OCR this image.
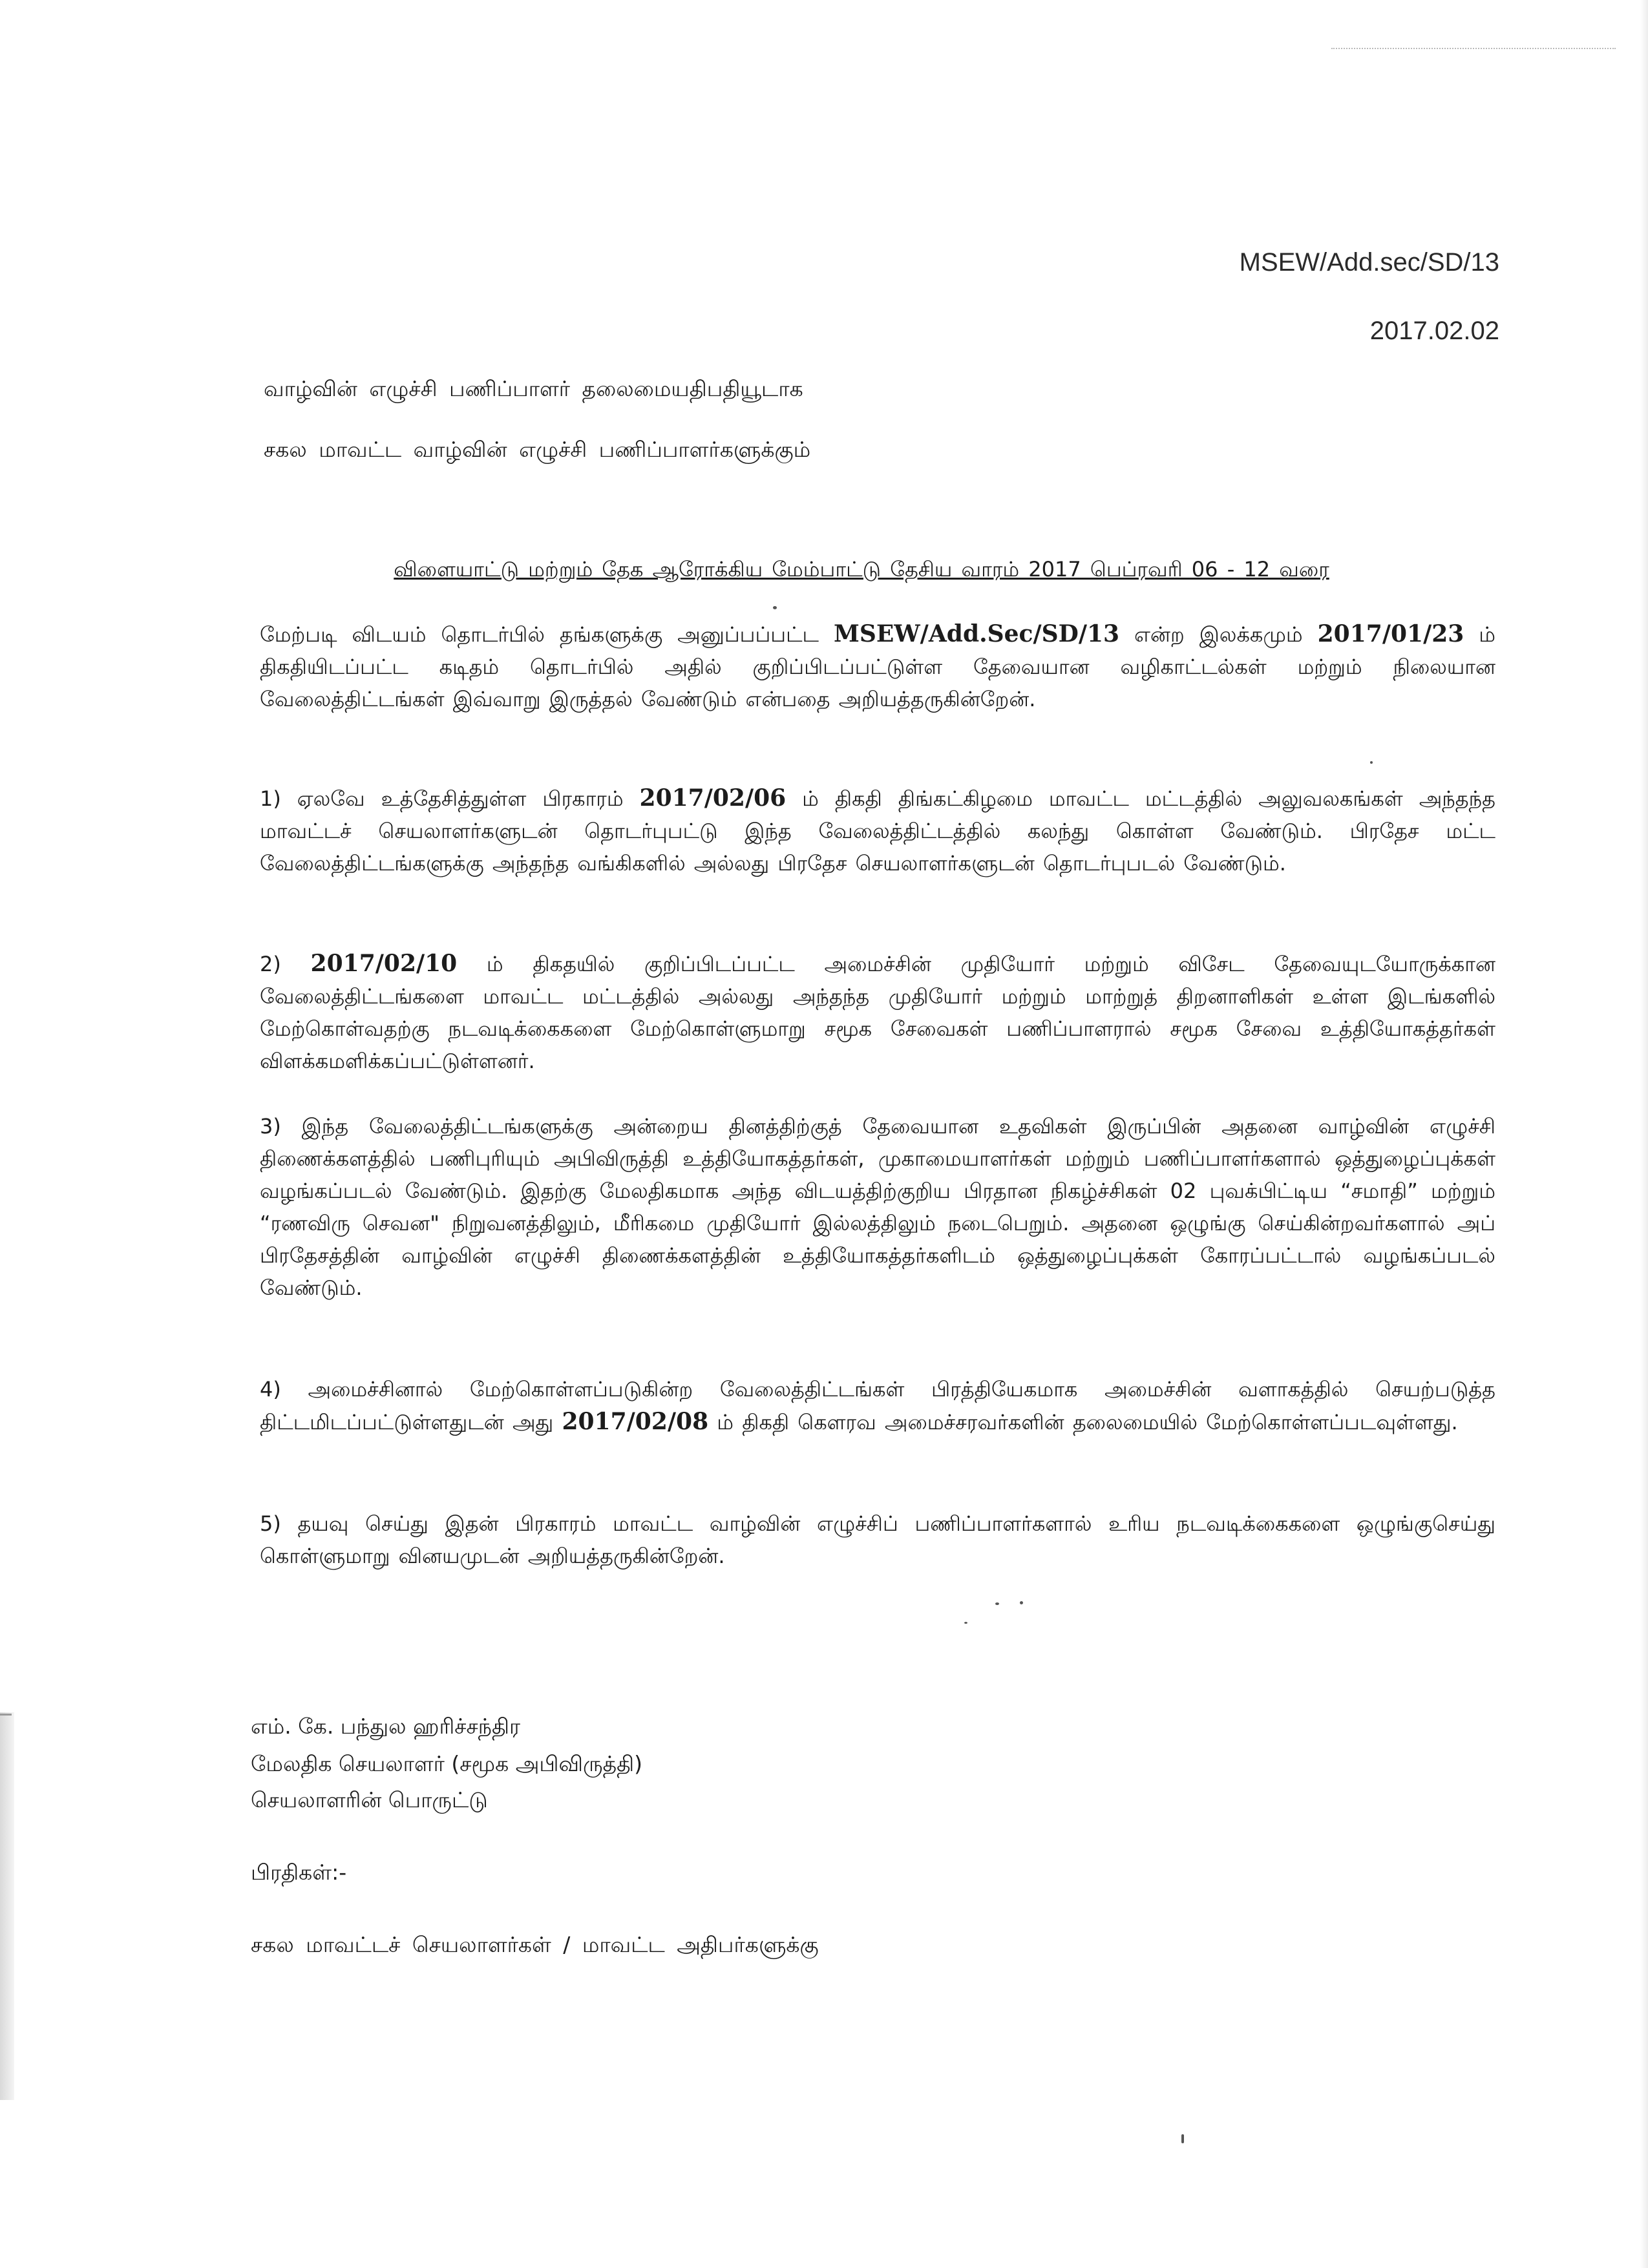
MSEW/Add.sec/SD/13
2017.02.02
வாழ்வின் எழுச்சி பணிப்பாளர் தலைமையதிபதியூடாக
சகல மாவட்ட வாழ்வின் எழுச்சி பணிப்பாளர்களுக்கும்
விளையாட்டு மற்றும் தேக ஆரோக்கிய மேம்பாட்டு தேசிய வாரம் 2017 பெப்ரவரி 06 - 12 வரை

மேற்படி விடயம் தொடர்பில் தங்களுக்கு அனுப்பப்பட்ட MSEW/Add.Sec/SD/13 என்ற இலக்கமும் 2017/01/23 ம் திகதியிடப்பட்ட கடிதம் தொடர்பில் அதில் குறிப்பிடப்பட்டுள்ள தேவையான வழிகாட்டல்கள் மற்றும் நிலையான வேலைத்திட்டங்கள் இவ்வாறு இருத்தல் வேண்டும் என்பதை அறியத்தருகின்றேன்.

1) ஏலவே உத்தேசித்துள்ள பிரகாரம் 2017/02/06 ம் திகதி திங்கட்கிழமை மாவட்ட மட்டத்தில் அலுவலகங்கள் அந்தந்த மாவட்டச் செயலாளர்களுடன் தொடர்புபட்டு இந்த வேலைத்திட்டத்தில் கலந்து கொள்ள வேண்டும். பிரதேச மட்ட வேலைத்திட்டங்களுக்கு அந்தந்த வங்கிகளில் அல்லது பிரதேச செயலாளர்களுடன் தொடர்புபடல் வேண்டும்.

2) 2017/02/10 ம் திகதயில் குறிப்பிடப்பட்ட அமைச்சின் முதியோர் மற்றும் விசேட தேவையுடயோருக்கான வேலைத்திட்டங்களை மாவட்ட மட்டத்தில் அல்லது அந்தந்த முதியோர் மற்றும் மாற்றுத் திறனாளிகள் உள்ள இடங்களில் மேற்கொள்வதற்கு நடவடிக்கைகளை மேற்கொள்ளுமாறு சமூக சேவைகள் பணிப்பாளரால் சமூக சேவை உத்தியோகத்தர்கள் விளக்கமளிக்கப்பட்டுள்ளனர்.

3) இந்த வேலைத்திட்டங்களுக்கு அன்றைய தினத்திற்குத் தேவையான உதவிகள் இருப்பின் அதனை வாழ்வின் எழுச்சி திணைக்களத்தில் பணிபுரியும் அபிவிருத்தி உத்தியோகத்தர்கள், முகாமையாளர்கள் மற்றும் பணிப்பாளர்களால் ஒத்துழைப்புக்கள் வழங்கப்படல் வேண்டும். இதற்கு மேலதிகமாக அந்த விடயத்திற்குறிய பிரதான நிகழ்ச்சிகள் 02 புவக்பிட்டிய “சமாதி” மற்றும் “ரணவிரு செவன" நிறுவனத்திலும், மீரிகமை முதியோர் இல்லத்திலும் நடைபெறும். அதனை ஒழுங்கு செய்கின்றவர்களால் அப் பிரதேசத்தின் வாழ்வின் எழுச்சி திணைக்களத்தின் உத்தியோகத்தர்களிடம் ஒத்துழைப்புக்கள் கோரப்பட்டால் வழங்கப்படல் வேண்டும்.

4) அமைச்சினால் மேற்கொள்ளப்படுகின்ற வேலைத்திட்டங்கள் பிரத்தியேகமாக அமைச்சின் வளாகத்தில் செயற்படுத்த திட்டமிடப்பட்டுள்ளதுடன் அது 2017/02/08 ம் திகதி கௌரவ அமைச்சரவர்களின் தலைமையில் மேற்கொள்ளப்படவுள்ளது.

5) தயவு செய்து இதன் பிரகாரம் மாவட்ட வாழ்வின் எழுச்சிப் பணிப்பாளர்களால் உரிய நடவடிக்கைகளை ஒழுங்குசெய்து கொள்ளுமாறு வினயமுடன் அறியத்தருகின்றேன்.

எம். கே. பந்துல ஹரிச்சந்திர
மேலதிக செயலாளர் (சமூக அபிவிருத்தி)
செயலாளரின் பொருட்டு
பிரதிகள்:-
சகல மாவட்டச் செயலாளர்கள் / மாவட்ட அதிபர்களுக்கு
